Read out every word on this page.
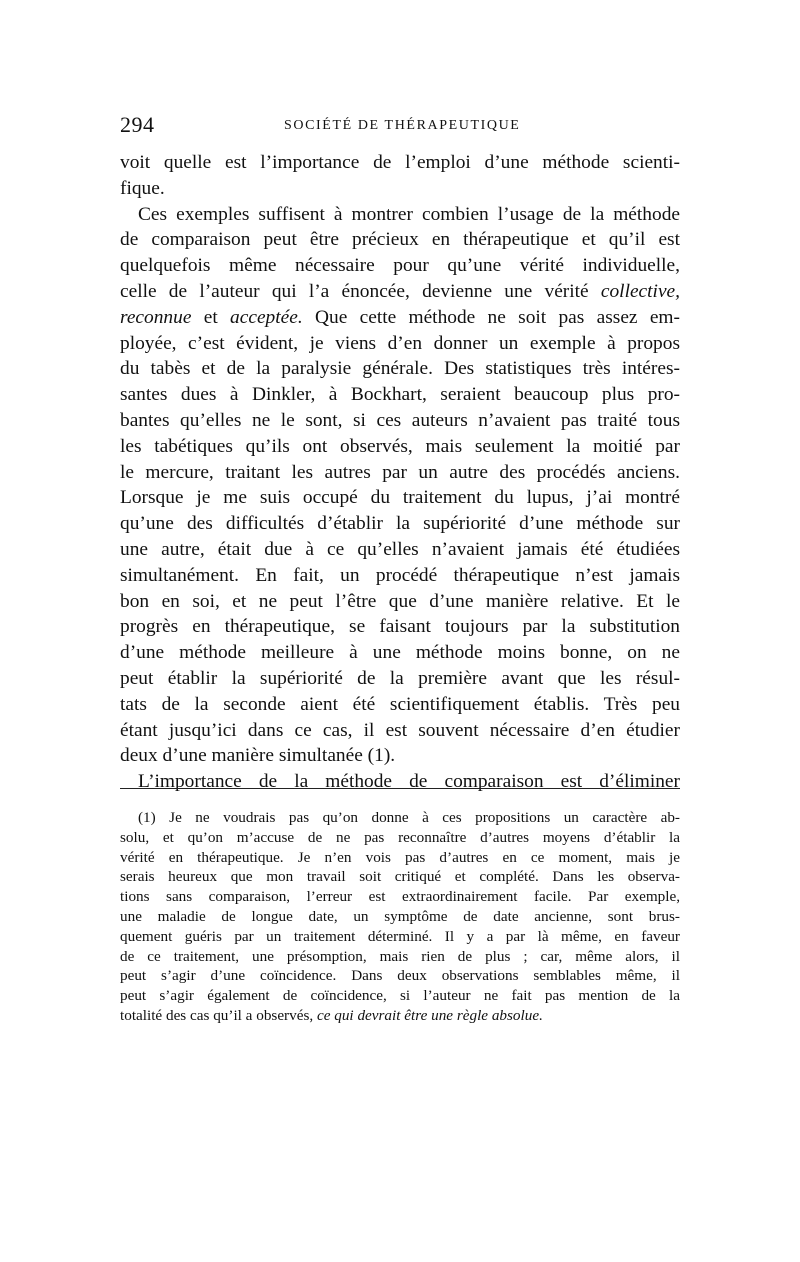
294	SOCIÉTÉ DE THÉRAPEUTIQUE
voit quelle est l’importance de l’emploi d’une méthode scienti-
fique.
Ces exemples suffisent à montrer combien l’usage de la méthode
de comparaison peut être précieux en thérapeutique et qu’il est
quelquefois même nécessaire pour qu’une vérité individuelle,
celle de l’auteur qui l’a énoncée, devienne une vérité collective,
reconnue et acceptée. Que cette méthode ne soit pas assez em-
ployée, c’est évident, je viens d’en donner un exemple à propos
du tabès et de la paralysie générale. Des statistiques très intéres-
santes dues à Dinkler, à Bockhart, seraient beaucoup plus pro-
bantes qu’elles ne le sont, si ces auteurs n’avaient pas traité tous
les tabétiques qu’ils ont observés, mais seulement la moitié par
le mercure, traitant les autres par un autre des procédés anciens.
Lorsque je me suis occupé du traitement du lupus, j’ai montré
qu’une des difficultés d’établir la supériorité d’une méthode sur
une autre, était due à ce qu’elles n’avaient jamais été étudiées
simultanément. En fait, un procédé thérapeutique n’est jamais
bon en soi, et ne peut l’être que d’une manière relative. Et le
progrès en thérapeutique, se faisant toujours par la substitution
d’une méthode meilleure à une méthode moins bonne, on ne
peut établir la supériorité de la première avant que les résul-
tats de la seconde aient été scientifiquement établis. Très peu
étant jusqu’ici dans ce cas, il est souvent nécessaire d’en étudier
deux d’une manière simultanée (1).
L’importance de la méthode de comparaison est d’éliminer
(1) Je ne voudrais pas qu’on donne à ces propositions un caractère ab-
solu, et qu’on m’accuse de ne pas reconnaître d’autres moyens d’établir la
vérité en thérapeutique. Je n’en vois pas d’autres en ce moment, mais je
serais heureux que mon travail soit critiqué et complété. Dans les observa-
tions sans comparaison, l’erreur est extraordinairement facile. Par exemple,
une maladie de longue date, un symptôme de date ancienne, sont brus-
quement guéris par un traitement déterminé. Il y a par là même, en faveur
de ce traitement, une présomption, mais rien de plus ; car, même alors, il
peut s’agir d’une coïncidence. Dans deux observations semblables même, il
peut s’agir également de coïncidence, si l’auteur ne fait pas mention de la
totalité des cas qu’il a observés, ce qui devrait être une règle absolue.
